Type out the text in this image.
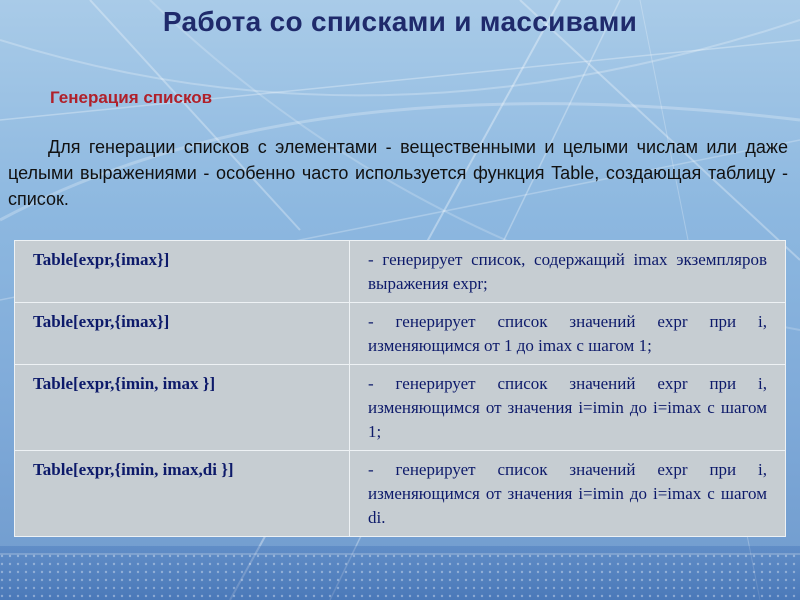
Работа со списками и массивами
Генерация списков
Для генерации списков с элементами - вещественными и целыми числам или даже целыми выражениями - особенно часто используется функция Table, создающая таблицу - список.
Table[expr,{imax}]	- генерирует список, содержащий imax экземпляров выражения expr;
Table[expr,{imax}]	- генерирует список значений expr при i, изменяющимся от 1 до imax с шагом 1;
Table[expr,{imin, imax }]	- генерирует список значений expr при i, изменяющимся от значения i=imin до i=imax с шагом 1;
Table[expr,{imin, imax,di }]	- генерирует список значений expr при i, изменяющимся от значения i=imin до i=imax с шагом di.
